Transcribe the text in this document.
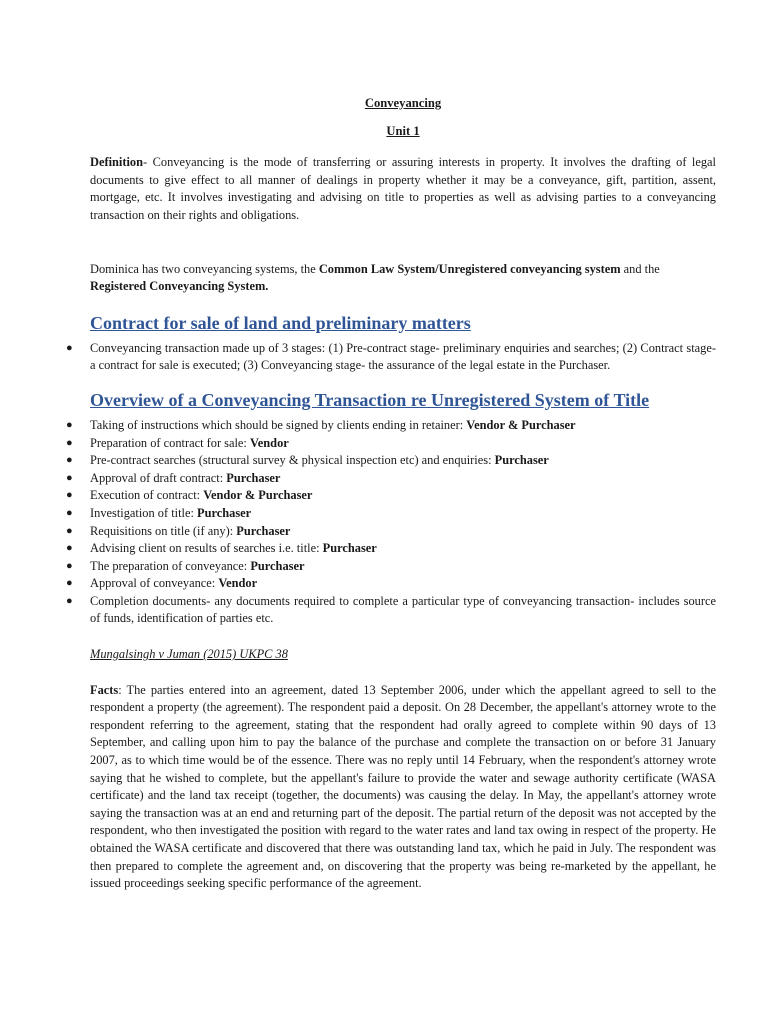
Conveyancing

Unit 1

Definition- Conveyancing is the mode of transferring or assuring interests in property. It involves the drafting of legal documents to give effect to all manner of dealings in property whether it may be a conveyance, gift, partition, assent, mortgage, etc. It involves investigating and advising on title to properties as well as advising parties to a conveyancing transaction on their rights and obligations.

Dominica has two conveyancing systems, the Common Law System/Unregistered conveyancing system and the Registered Conveyancing System.

Contract for sale of land and preliminary matters
● Conveyancing transaction made up of 3 stages: (1) Pre-contract stage- preliminary enquiries and searches; (2) Contract stage- a contract for sale is executed; (3) Conveyancing stage- the assurance of the legal estate in the Purchaser.
Overview of a Conveyancing Transaction re Unregistered System of Title
● Taking of instructions which should be signed by clients ending in retainer: Vendor & Purchaser
● Preparation of contract for sale: Vendor
● Pre-contract searches (structural survey & physical inspection etc) and enquiries: Purchaser
● Approval of draft contract: Purchaser
● Execution of contract: Vendor & Purchaser
● Investigation of title: Purchaser
● Requisitions on title (if any): Purchaser
● Advising client on results of searches i.e. title: Purchaser
● The preparation of conveyance: Purchaser
● Approval of conveyance: Vendor
● Completion documents- any documents required to complete a particular type of conveyancing transaction- includes source of funds, identification of parties etc.

Mungalsingh v Juman (2015) UKPC 38

Facts: The parties entered into an agreement, dated 13 September 2006, under which the appellant agreed to sell to the respondent a property (the agreement). The respondent paid a deposit. On 28 December, the appellant's attorney wrote to the respondent referring to the agreement, stating that the respondent had orally agreed to complete within 90 days of 13 September, and calling upon him to pay the balance of the purchase and complete the transaction on or before 31 January 2007, as to which time would be of the essence. There was no reply until 14 February, when the respondent's attorney wrote saying that he wished to complete, but the appellant's failure to provide the water and sewage authority certificate (WASA certificate) and the land tax receipt (together, the documents) was causing the delay. In May, the appellant's attorney wrote saying the transaction was at an end and returning part of the deposit. The partial return of the deposit was not accepted by the respondent, who then investigated the position with regard to the water rates and land tax owing in respect of the property. He obtained the WASA certificate and discovered that there was outstanding land tax, which he paid in July. The respondent was then prepared to complete the agreement and, on discovering that the property was being re-marketed by the appellant, he issued proceedings seeking specific performance of the agreement.
